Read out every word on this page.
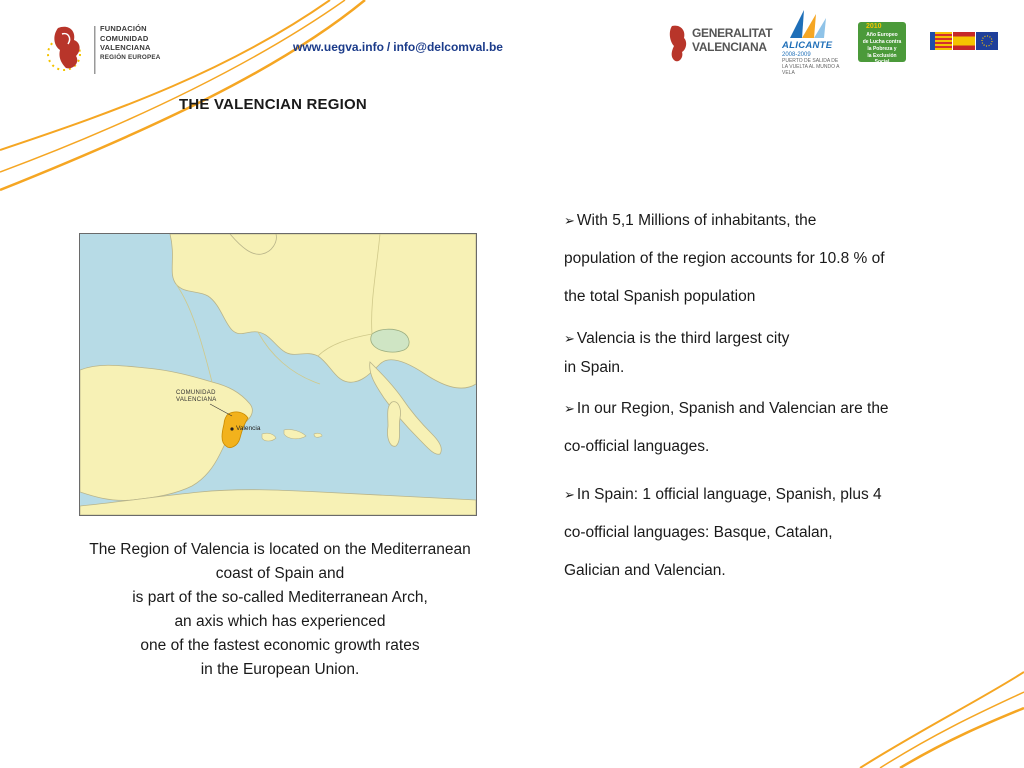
FUNDACIÓN
COMUNIDAD
VALENCIANA
REGIÓN EUROPEA
www.uegva.info / info@delcomval.be
GENERALITAT
VALENCIANA	ALICANTE
2008-2009
PUERTO DE SALIDA DE LA VUELTA AL MUNDO A VELA
2010
Año Europeo
de Lucha contra
la Pobreza y
la Exclusión Social
THE VALENCIAN REGION
COMUNIDAD
VALENCIANA
Valencia
The Region of Valencia is located on the Mediterranean
coast of Spain and
is part of the so-called Mediterranean Arch,
an axis which has experienced
one of the fastest economic growth rates
in the European Union.
➢ With 5,1 Millions of inhabitants, the
population of the region accounts for 10.8 % of
the total Spanish population
➢ Valencia is the third largest city
in Spain.
➢ In our Region, Spanish and Valencian are the
co-official languages.
➢ In Spain: 1 official language, Spanish, plus 4
co-official languages: Basque, Catalan,
Galician and Valencian.
